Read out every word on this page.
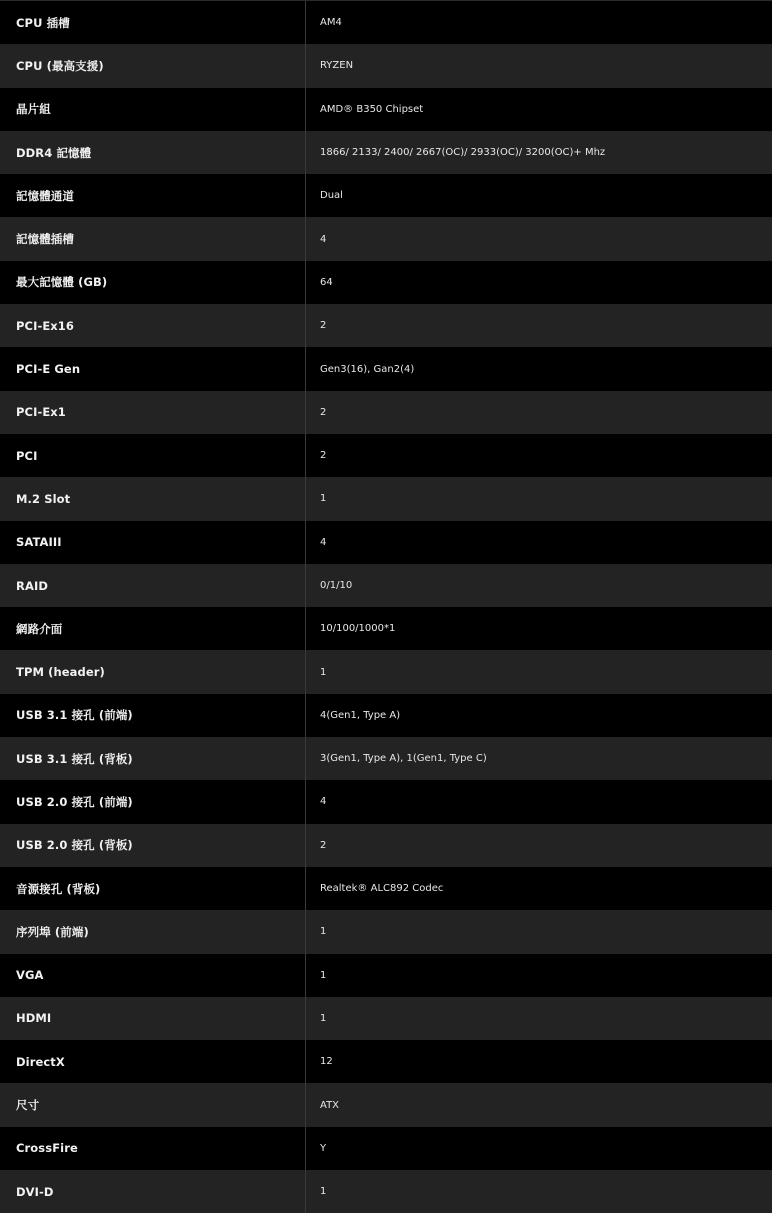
CPU 插槽	AM4
CPU (最高支援)	RYZEN
晶片組	AMD® B350 Chipset
DDR4 記憶體	1866/ 2133/ 2400/ 2667(OC)/ 2933(OC)/ 3200(OC)+ Mhz
記憶體通道	Dual
記憶體插槽	4
最大記憶體 (GB)	64
PCI-Ex16	2
PCI-E Gen	Gen3(16), Gan2(4)
PCI-Ex1	2
PCI	2
M.2 Slot	1
SATAIII	4
RAID	0/1/10
網路介面	10/100/1000*1
TPM (header)	1
USB 3.1 接孔 (前端)	4(Gen1, Type A)
USB 3.1 接孔 (背板)	3(Gen1, Type A), 1(Gen1, Type C)
USB 2.0 接孔 (前端)	4
USB 2.0 接孔 (背板)	2
音源接孔 (背板)	Realtek® ALC892 Codec
序列埠 (前端)	1
VGA	1
HDMI	1
DirectX	12
尺寸	ATX
CrossFire	Y
DVI-D	1
